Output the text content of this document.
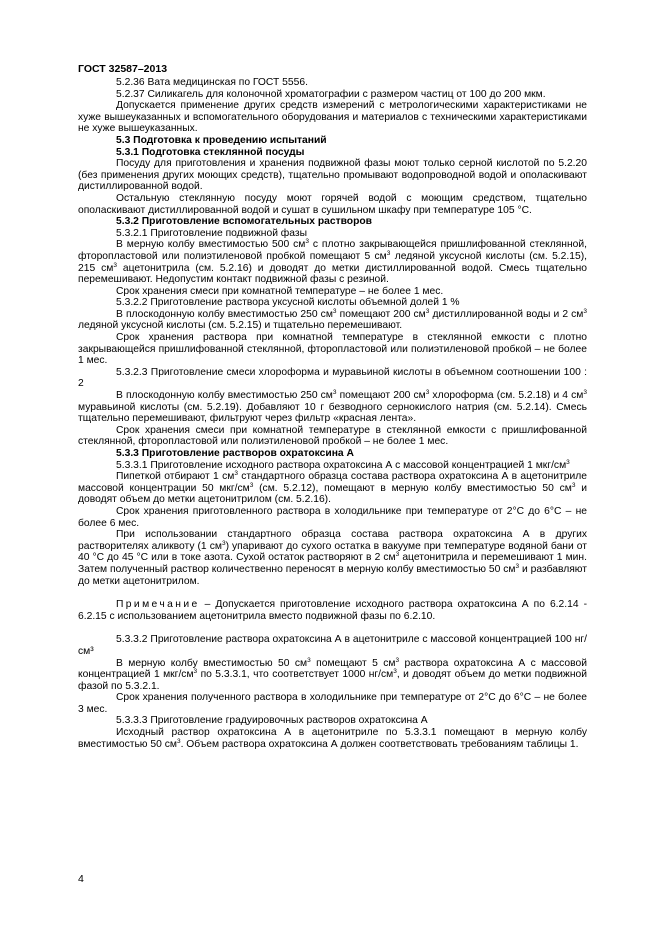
ГОСТ 32587–2013

5.2.36 Вата медицинская по ГОСТ 5556.

5.2.37 Силикагель для колоночной хроматографии с размером частиц от 100 до 200 мкм.

Допускается применение других средств измерений с метрологическими характеристиками не хуже вышеуказанных и вспомогательного оборудования и материалов с техническими характеристиками не хуже вышеуказанных.

5.3 Подготовка к проведению испытаний

5.3.1 Подготовка стеклянной посуды

Посуду для приготовления и хранения подвижной фазы моют только серной кислотой по 5.2.20 (без применения других моющих средств), тщательно промывают водопроводной водой и ополаскивают дистиллированной водой.

Остальную стеклянную посуду моют горячей водой с моющим средством, тщательно ополаскивают дистиллированной водой и сушат в сушильном шкафу при температуре 105 °C.

5.3.2 Приготовление вспомогательных растворов

5.3.2.1 Приготовление подвижной фазы

В мерную колбу вместимостью 500 $см^3$ с плотно закрывающейся пришлифованной стеклянной, фторопластовой или полиэтиленовой пробкой помещают 5 $см^3$ ледяной уксусной кислоты (см. 5.2.15), 215 $см^3$ ацетонитрила (см. 5.2.16) и доводят до метки дистиллированной водой. Смесь тщательно перемешивают. Недопустим контакт подвижной фазы с резиной.

Срок хранения смеси при комнатной температуре – не более 1 мес.

5.3.2.2 Приготовление раствора уксусной кислоты объемной долей 1 %

В плоскодонную колбу вместимостью 250 $см^3$ помещают 200 $см^3$ дистиллированной воды и 2 $см^3$ ледяной уксусной кислоты (см. 5.2.15) и тщательно перемешивают.

Срок хранения раствора при комнатной температуре в стеклянной емкости с плотно закрывающейся пришлифованной стеклянной, фторопластовой или полиэтиленовой пробкой – не более 1 мес.

5.3.2.3 Приготовление смеси хлороформа и муравьиной кислоты в объемном соотношении 100 : 2

В плоскодонную колбу вместимостью 250 $см^3$ помещают 200 $см^3$ хлороформа (см. 5.2.18) и 4 $см^3$ муравьиной кислоты (см. 5.2.19). Добавляют 10 г безводного сернокислого натрия (см. 5.2.14). Смесь тщательно перемешивают, фильтруют через фильтр «красная лента».

Срок хранения смеси при комнатной температуре в стеклянной емкости с пришлифованной стеклянной, фторопластовой или полиэтиленовой пробкой – не более 1 мес.

5.3.3 Приготовление растворов охратоксина А

5.3.3.1 Приготовление исходного раствора охратоксина А с массовой концентрацией 1 мкг/$см^3$

Пипеткой отбирают 1 $см^3$ стандартного образца состава раствора охратоксина А в ацетонитриле массовой концентрации 50 мкг/$см^3$ (см. 5.2.12), помещают в мерную колбу вместимостью 50 $см^3$ и доводят объем до метки ацетонитрилом (см. 5.2.16).

Срок хранения приготовленного раствора в холодильнике при температуре от 2°C до 6°C – не более 6 мес.

При использовании стандартного образца состава раствора охратоксина А в других растворителях аликвоту (1 $см^3$) упаривают до сухого остатка в вакууме при температуре водяной бани от 40 °C до 45 °C или в токе азота. Сухой остаток растворяют в 2 $см^3$ ацетонитрила и перемешивают 1 мин. Затем полученный раствор количественно переносят в мерную колбу вместимостью 50 $см^3$ и разбавляют до метки ацетонитрилом.

Примечание – Допускается приготовление исходного раствора охратоксина А по 6.2.14 - 6.2.15 с использованием ацетонитрила вместо подвижной фазы по 6.2.10.

5.3.3.2 Приготовление раствора охратоксина А в ацетонитриле с массовой концентрацией 100 нг/см³

В мерную колбу вместимостью 50 $см^3$ помещают 5 $см^3$ раствора охратоксина А с массовой концентрацией 1 мкг/$см^3$ по 5.3.3.1, что соответствует 1000 $нг/см^3$, и доводят объем до метки подвижной фазой по 5.3.2.1.

Срок хранения полученного раствора в холодильнике при температуре от 2°C до 6°C – не более 3 мес.

5.3.3.3 Приготовление градуировочных растворов охратоксина А

Исходный раствор охратоксина А в ацетонитриле по 5.3.3.1 помещают в мерную колбу вместимостью 50 $см^3$. Объем раствора охратоксина А должен соответствовать требованиям таблицы 1.

4
